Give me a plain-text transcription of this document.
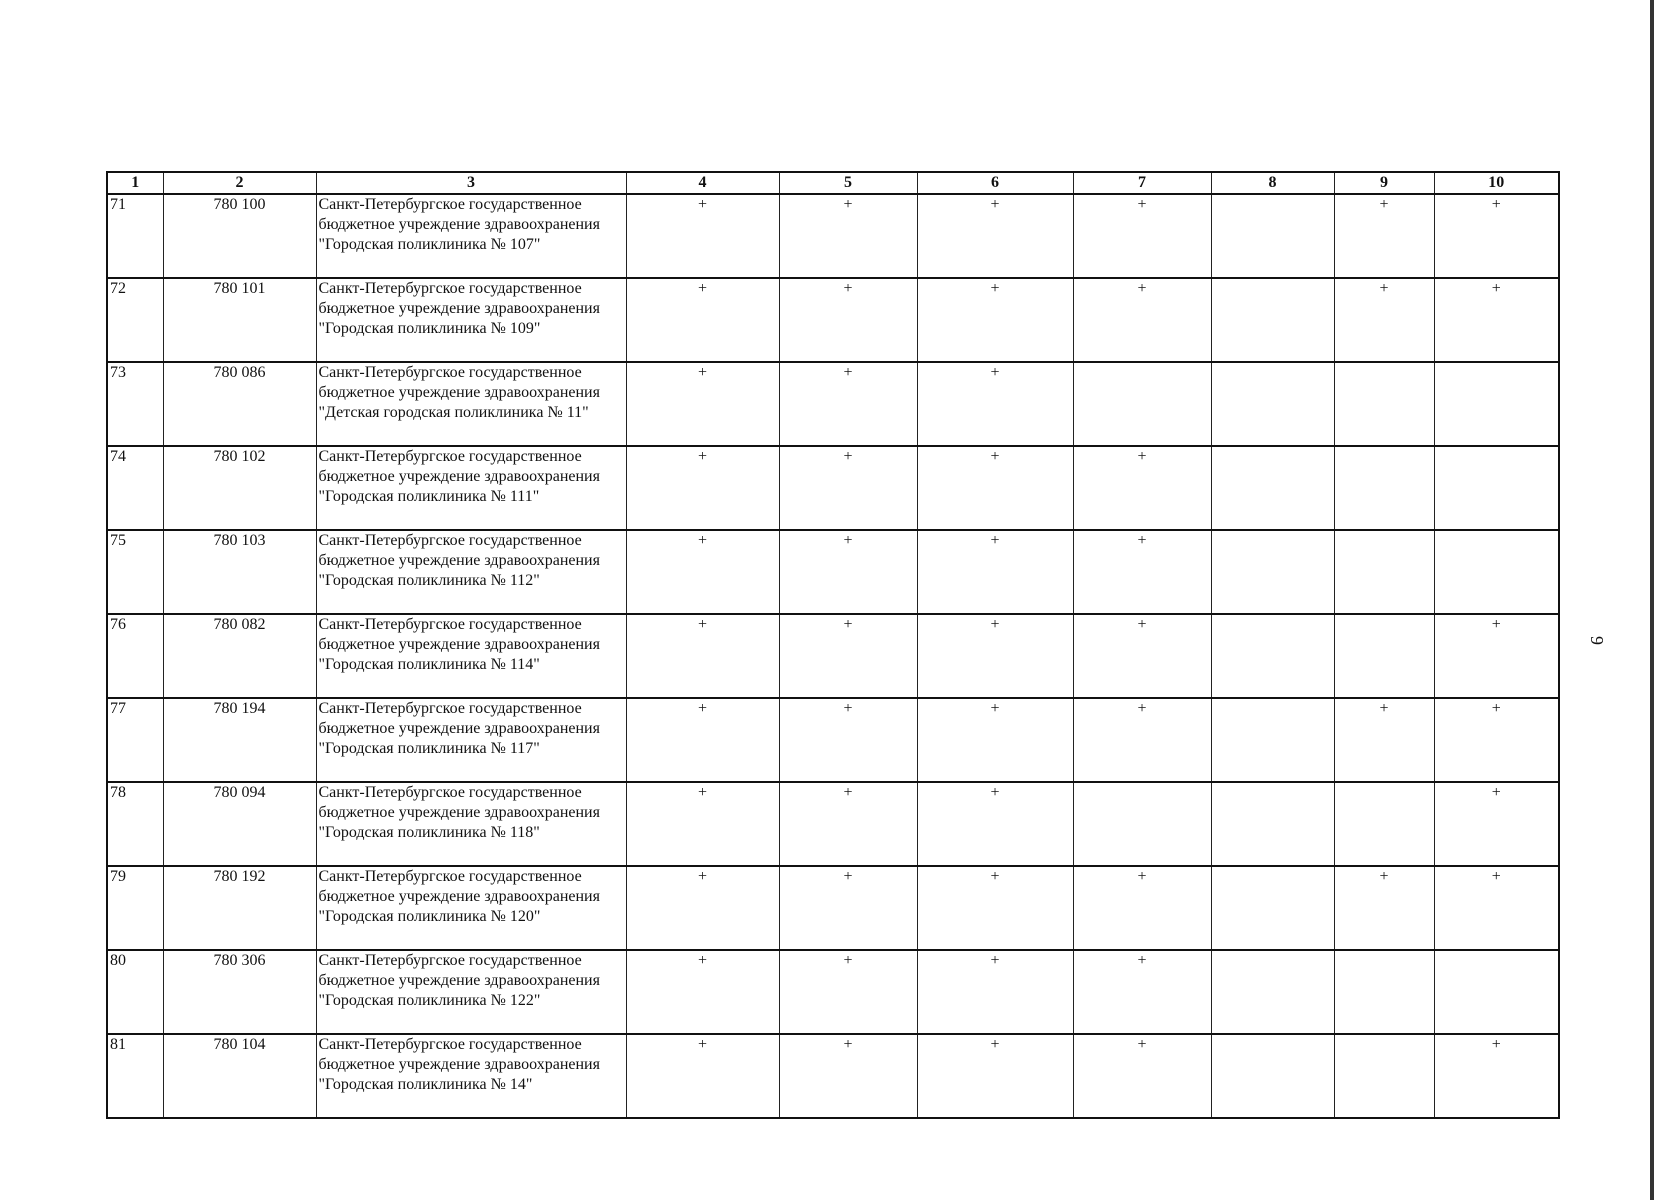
1	2	3	4	5	6	7	8	9	10
71	780 100	Санкт-Петербургское государственное бюджетное учреждение здравоохранения "Городская поликлиника № 107"	+	+	+	+		+	+
72	780 101	Санкт-Петербургское государственное бюджетное учреждение здравоохранения "Городская поликлиника № 109"	+	+	+	+		+	+
73	780 086	Санкт-Петербургское государственное бюджетное учреждение здравоохранения "Детская городская поликлиника № 11"	+	+	+				
74	780 102	Санкт-Петербургское государственное бюджетное учреждение здравоохранения "Городская поликлиника № 111"	+	+	+	+			
75	780 103	Санкт-Петербургское государственное бюджетное учреждение здравоохранения "Городская поликлиника № 112"	+	+	+	+			
76	780 082	Санкт-Петербургское государственное бюджетное учреждение здравоохранения "Городская поликлиника № 114"	+	+	+	+			+
77	780 194	Санкт-Петербургское государственное бюджетное учреждение здравоохранения "Городская поликлиника № 117"	+	+	+	+		+	+
78	780 094	Санкт-Петербургское государственное бюджетное учреждение здравоохранения "Городская поликлиника № 118"	+	+	+				+
79	780 192	Санкт-Петербургское государственное бюджетное учреждение здравоохранения "Городская поликлиника № 120"	+	+	+	+		+	+
80	780 306	Санкт-Петербургское государственное бюджетное учреждение здравоохранения "Городская поликлиника № 122"	+	+	+	+			
81	780 104	Санкт-Петербургское государственное бюджетное учреждение здравоохранения "Городская поликлиника № 14"	+	+	+	+			+
9
